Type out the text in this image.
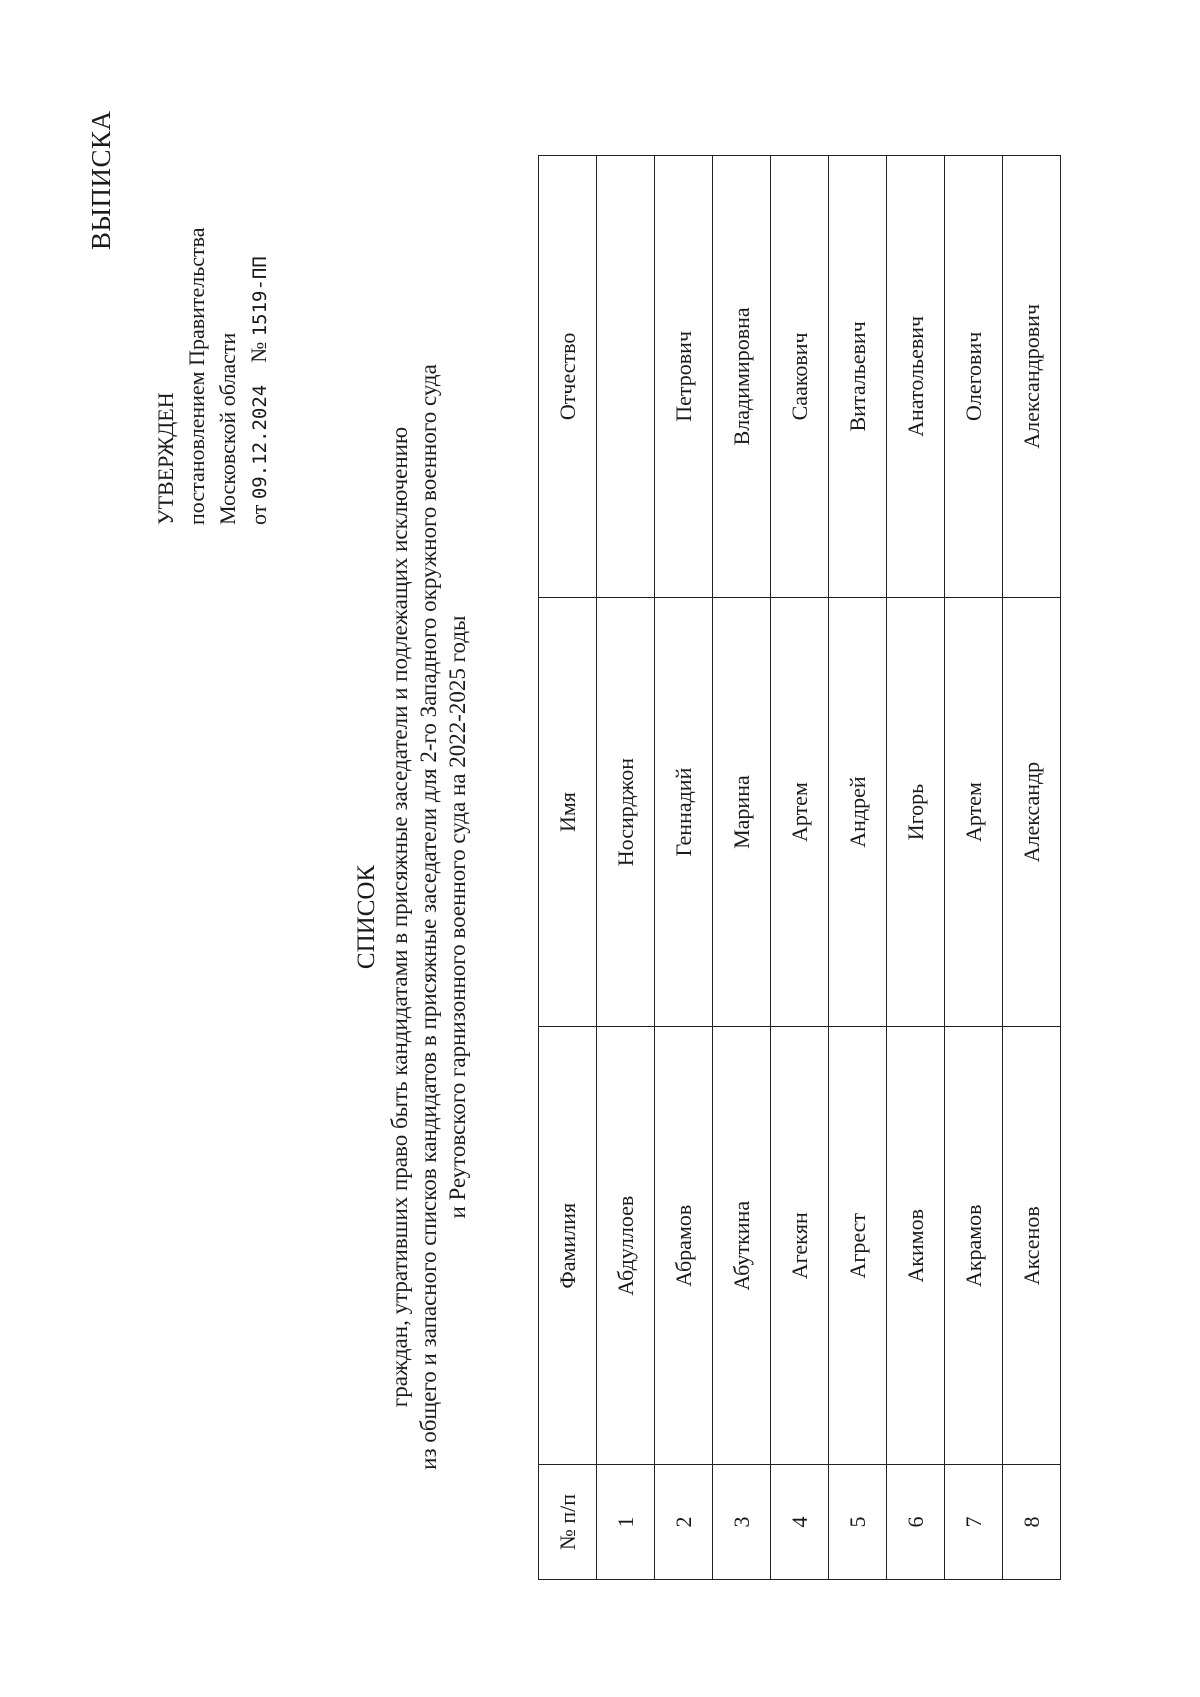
ВЫПИСКА
УТВЕРЖДЕН постановлением Правительства Московской области от 09.12.2024    № 1519-ПП
СПИСОК граждан, утративших право быть кандидатами в присяжные заседатели и подлежащих исключению из общего и запасного списков кандидатов в присяжные заседатели для 2-го Западного окружного военного суда и Реутовского гарнизонного военного суда на 2022-2025 годы
№ п/п	Фамилия	Имя	Отчество
1	Абдуллоев	Носирджон	
2	Абрамов	Геннадий	Петрович
3	Абуткина	Марина	Владимировна
4	Агекян	Артем	Саакович
5	Агрест	Андрей	Витальевич
6	Акимов	Игорь	Анатольевич
7	Акрамов	Артем	Олегович
8	Аксенов	Александр	Александрович
